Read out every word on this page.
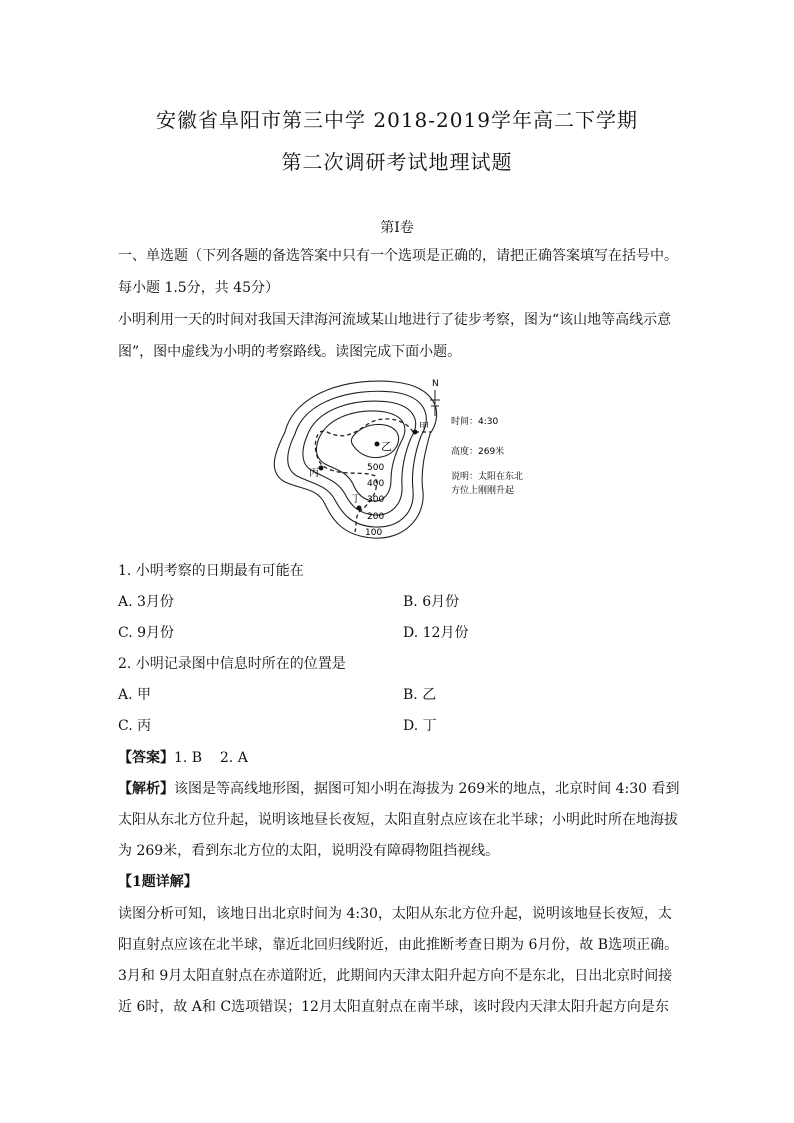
安徽省阜阳市第三中学 2018-2019学年高二下学期
第二次调研考试地理试题
第Ⅰ卷
一、单选题（下列各题的备选答案中只有一个选项是正确的，请把正确答案填写在括号中。
每小题 1.5分，共 45分）
小明利用一天的时间对我国天津海河流域某山地进行了徒步考察，图为“该山地等高线示意
图”，图中虚线为小明的考察路线。读图完成下面小题。
甲
乙
丙
丁
500
400
300
200
100
N
时间：4:30
高度：269米
说明：太阳在东北
方位上刚刚升起
1. 小明考察的日期最有可能在
A. 3月份	B. 6月份
C. 9月份	D. 12月份
2. 小明记录图中信息时所在的位置是
A. 甲	B. 乙
C. 丙	D. 丁
【答案】1. B    2. A
【解析】该图是等高线地形图，据图可知小明在海拔为 269米的地点，北京时间 4:30 看到
太阳从东北方位升起，说明该地昼长夜短，太阳直射点应该在北半球；小明此时所在地海拔
为 269米，看到东北方位的太阳，说明没有障碍物阻挡视线。
【1题详解】
读图分析可知，该地日出北京时间为 4:30，太阳从东北方位升起，说明该地昼长夜短，太
阳直射点应该在北半球，靠近北回归线附近，由此推断考查日期为 6月份，故 B选项正确。
3月和 9月太阳直射点在赤道附近，此期间内天津太阳升起方向不是东北，日出北京时间接
近 6时，故 A和 C选项错误；12月太阳直射点在南半球，该时段内天津太阳升起方向是东
